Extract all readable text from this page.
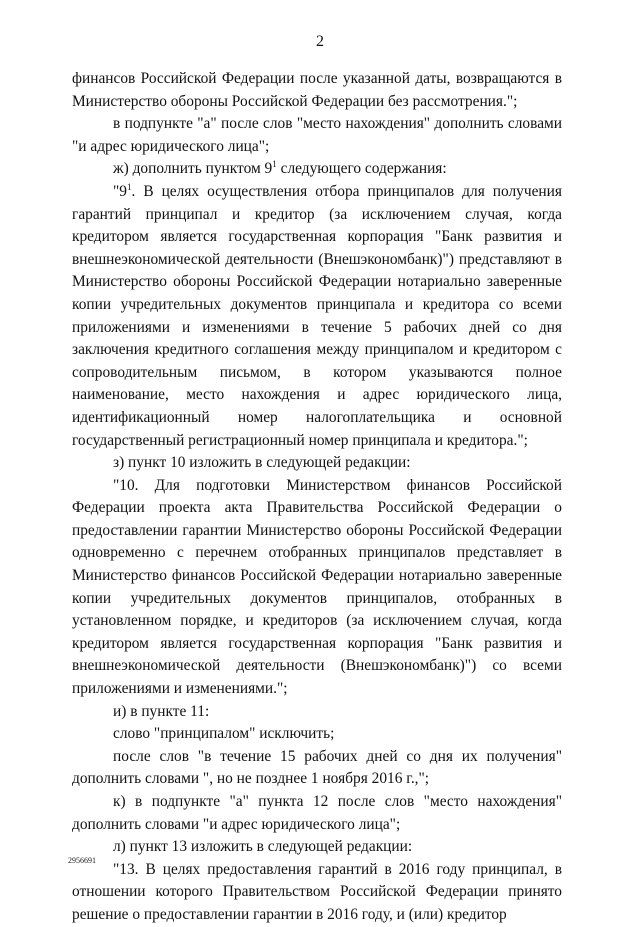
2

финансов Российской Федерации после указанной даты, возвращаются в Министерство обороны Российской Федерации без рассмотрения.";

в подпункте "а" после слов "место нахождения" дополнить словами "и адрес юридического лица";

ж) дополнить пунктом $9^1$ следующего содержания:

"$9^1$. В целях осуществления отбора принципалов для получения гарантий принципал и кредитор (за исключением случая, когда кредитором является государственная корпорация "Банк развития и внешнеэкономической деятельности (Внешэкономбанк)") представляют в Министерство обороны Российской Федерации нотариально заверенные копии учредительных документов принципала и кредитора со всеми приложениями и изменениями в течение 5 рабочих дней со дня заключения кредитного соглашения между принципалом и кредитором с сопроводительным письмом, в котором указываются полное наименование, место нахождения и адрес юридического лица, идентификационный номер налогоплательщика и основной государственный регистрационный номер принципала и кредитора.";

з) пункт 10 изложить в следующей редакции:

"10. Для подготовки Министерством финансов Российской Федерации проекта акта Правительства Российской Федерации о предоставлении гарантии Министерство обороны Российской Федерации одновременно с перечнем отобранных принципалов представляет в Министерство финансов Российской Федерации нотариально заверенные копии учредительных документов принципалов, отобранных в установленном порядке, и кредиторов (за исключением случая, когда кредитором является государственная корпорация "Банк развития и внешнеэкономической деятельности (Внешэкономбанк)") со всеми приложениями и изменениями.";

и) в пункте 11:

слово "принципалом" исключить;

после слов "в течение 15 рабочих дней со дня их получения" дополнить словами ", но не позднее 1 ноября 2016 г.,";

к) в подпункте "а" пункта 12 после слов "место нахождения" дополнить словами "и адрес юридического лица";

л) пункт 13 изложить в следующей редакции:

"13. В целях предоставления гарантий в 2016 году принципал, в отношении которого Правительством Российской Федерации принято решение о предоставлении гарантии в 2016 году, и (или) кредитор

2956691
